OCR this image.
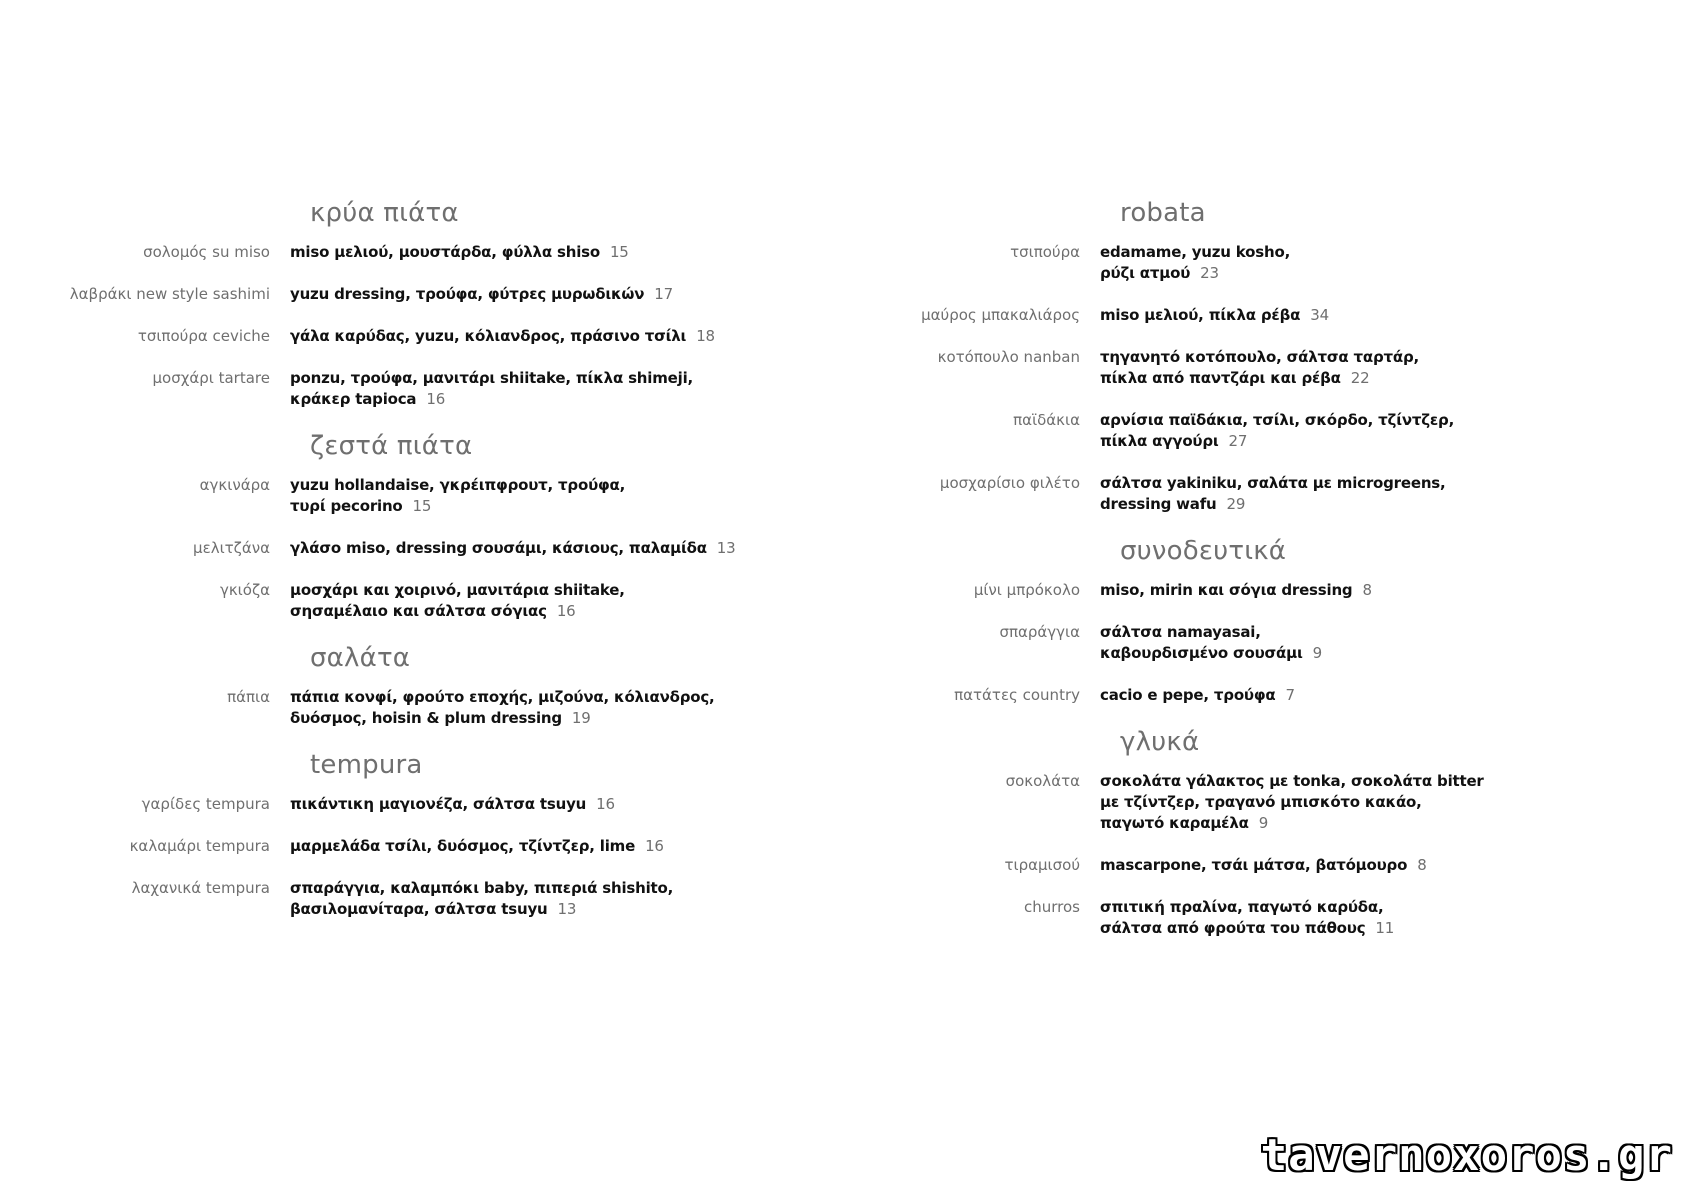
κρύα πιάτα
σολομός su miso	miso μελιού, μουστάρδα, φύλλα shiso 15
λαβράκι new style sashimi	yuzu dressing, τρούφα, φύτρες μυρωδικών 17
τσιπούρα ceviche	γάλα καρύδας, yuzu, κόλιανδρος, πράσινο τσίλι 18
μοσχάρι tartare	ponzu, τρούφα, μανιτάρι shiitake, πίκλα shimeji,
κράκερ tapioca 16
ζεστά πιάτα
αγκινάρα	yuzu hollandaise, γκρέιπφρουτ, τρούφα,
τυρί pecorino 15
μελιτζάνα	γλάσο miso, dressing σουσάμι, κάσιους, παλαμίδα 13
γκιόζα	μοσχάρι και χοιρινό, μανιτάρια shiitake,
σησαμέλαιο και σάλτσα σόγιας 16
σαλάτα
πάπια	πάπια κονφί, φρούτο εποχής, μιζούνα, κόλιανδρος,
δυόσμος, hoisin & plum dressing 19
tempura
γαρίδες tempura	πικάντικη μαγιονέζα, σάλτσα tsuyu 16
καλαμάρι tempura	μαρμελάδα τσίλι, δυόσμος, τζίντζερ, lime 16
λαχανικά tempura	σπαράγγια, καλαμπόκι baby, πιπεριά shishito,
βασιλομανίταρα, σάλτσα tsuyu 13
robata
τσιπούρα	edamame, yuzu kosho,
ρύζι ατμού 23
μαύρος μπακαλιάρος	miso μελιού, πίκλα ρέβα 34
κοτόπουλο nanban	τηγανητό κοτόπουλο, σάλτσα ταρτάρ,
πίκλα από παντζάρι και ρέβα 22
παϊδάκια	αρνίσια παϊδάκια, τσίλι, σκόρδο, τζίντζερ,
πίκλα αγγούρι 27
μοσχαρίσιο φιλέτο	σάλτσα yakiniku, σαλάτα με microgreens,
dressing wafu 29
συνοδευτικά
μίνι μπρόκολο	miso, mirin και σόγια dressing 8
σπαράγγια	σάλτσα namayasai,
καβουρδισμένο σουσάμι 9
πατάτες country	cacio e pepe, τρούφα 7
γλυκά
σοκολάτα	σοκολάτα γάλακτος με tonka, σοκολάτα bitter
με τζίντζερ, τραγανό μπισκότο κακάο,
παγωτό καραμέλα 9
τιραμισού	mascarpone, τσάι μάτσα, βατόμουρο 8
churros	σπιτική πραλίνα, παγωτό καρύδα,
σάλτσα από φρούτα του πάθους 11
tavernoxoros.gr
